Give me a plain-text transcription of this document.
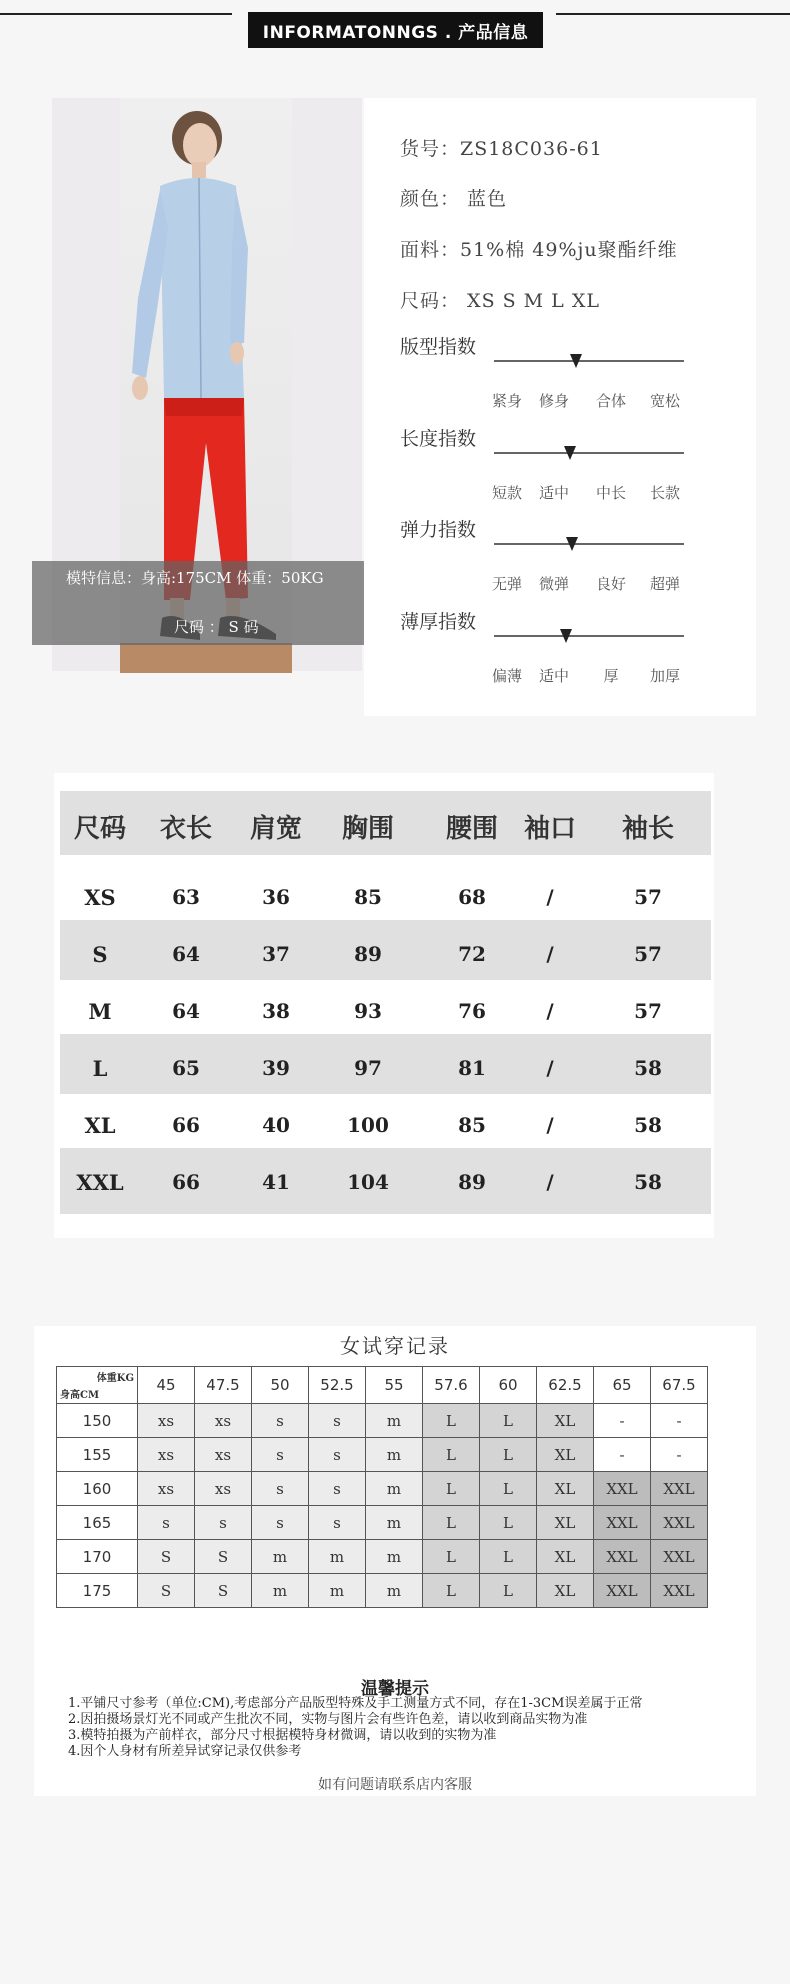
INFORMATONNGS . 产品信息
模特信息：身高:175CM 体重：50KG
尺码 ： S 码
货号：ZS18C036-61
颜色： 蓝色
面料：51%棉 49%ju聚酯纤维
尺码： XS S M L XL
版型指数
紧身	修身	合体	宽松
长度指数
短款	适中	中长	长款
弹力指数
无弹	微弹	良好	超弹
薄厚指数
偏薄	适中	厚	加厚
尺码	衣长	肩宽	胸围	腰围 袖口	袖长
XS	63	36	85	68	/	57
S	64	37	89	72	/	57
M	64	38	93	76	/	57
L	65	39	97	81	/	58
XL	66	40	100	85	/	58
XXL	66	41	104	89	/	58
女试穿记录
体重KG
身高CM	45	47.5	50	52.5	55	57.6	60	62.5	65	67.5
150	xs	xs	s	s	m	L	L	XL	-	-
155	xs	xs	s	s	m	L	L	XL	-	-
160	xs	xs	s	s	m	L	L	XL	XXL	XXL
165	s	s	s	s	m	L	L	XL	XXL	XXL
170	S	S	m	m	m	L	L	XL	XXL	XXL
175	S	S	m	m	m	L	L	XL	XXL	XXL
温馨提示
1.平铺尺寸参考（单位:CM),考虑部分产品版型特殊及手工测量方式不同，存在1-3CM误差属于正常
2.因拍摄场景灯光不同或产生批次不同，实物与图片会有些许色差，请以收到商品实物为准
3.模特拍摄为产前样衣，部分尺寸根据模特身材微调，请以收到的实物为准
4.因个人身材有所差异试穿记录仅供参考
如有问题请联系店内客服
